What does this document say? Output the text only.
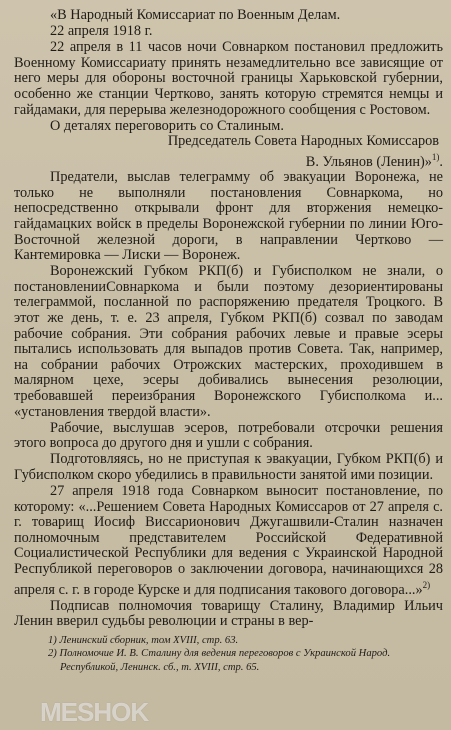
«В Народный Комиссариат по Военным Делам.

22 апреля 1918 г.

22 апреля в 11 часов ночи Совнарком постановил предложить Военному Комиссариату принять незамедлительно все зависящие от него меры для обороны восточной границы Харьковской губернии, особенно же станции Чертково, занять которую стремятся немцы и гайдамаки, для перерыва железнодорожного сообщения с Ростовом.

О деталях переговорить со Сталиным.

Председатель Совета Народных Комиссаров

В. Ульянов (Ленин)»$^{1)}$.

Предатели, выслав телеграмму об эвакуации Воронежа, не только не выполняли постановления Совнаркома, но непосредственно открывали фронт для вторжения немецко-гайдамацких войск в пределы Воронежской губернии по линии Юго-Восточной железной дороги, в направлении Чертково — Кантемировка — Лиски — Воронеж.

Воронежский Губком РКП(б) и Губисполком не знали, о постановленииСовнаркома и были поэтому дезориентированы телеграммой, посланной по распоряжению предателя Троцкого. В этот же день, т. е. 23 апреля, Губком РКП(б) созвал по заводам рабочие собрания. Эти собрания рабочих левые и правые эсеры пытались использовать для выпадов против Совета. Так, например, на собрании рабочих Отрожских мастерских, проходившем в малярном цехе, эсеры добивались вынесения резолюции, требовавшей переизбрания Воронежского Губисполкома и... «установления твердой власти».

Рабочие, выслушав эсеров, потребовали отсрочки решения этого вопроса до другого дня и ушли с собрания.

Подготовляясь, но не приступая к эвакуации, Губком РКП(б) и Губисполком скоро убедились в правильности занятой ими позиции.

27 апреля 1918 года Совнарком выносит постановление, по которому: «...Решением Совета Народных Комиссаров от 27 апреля с. г. товарищ Иосиф Виссарионович Джугашвили-Сталин назначен полномочным представителем Российской Федеративной Социалистической Республики для ведения с Украинской Народной Республикой переговоров о заключении договора, начинающихся 28 апреля с. г. в городе Курске и для подписания такового договора...»$^{2)}$

Подписав полномочия товарищу Сталину, Владимир Ильич Ленин вверил судьбы революции и страны в вер-

1) Ленинский сборник, том XVIII, стр. 63.

2) Полномочие И. В. Сталину для ведения переговоров с Украинской Народ. Республикой, Ленинск. сб., т. XVIII, стр. 65.

MESHOK
